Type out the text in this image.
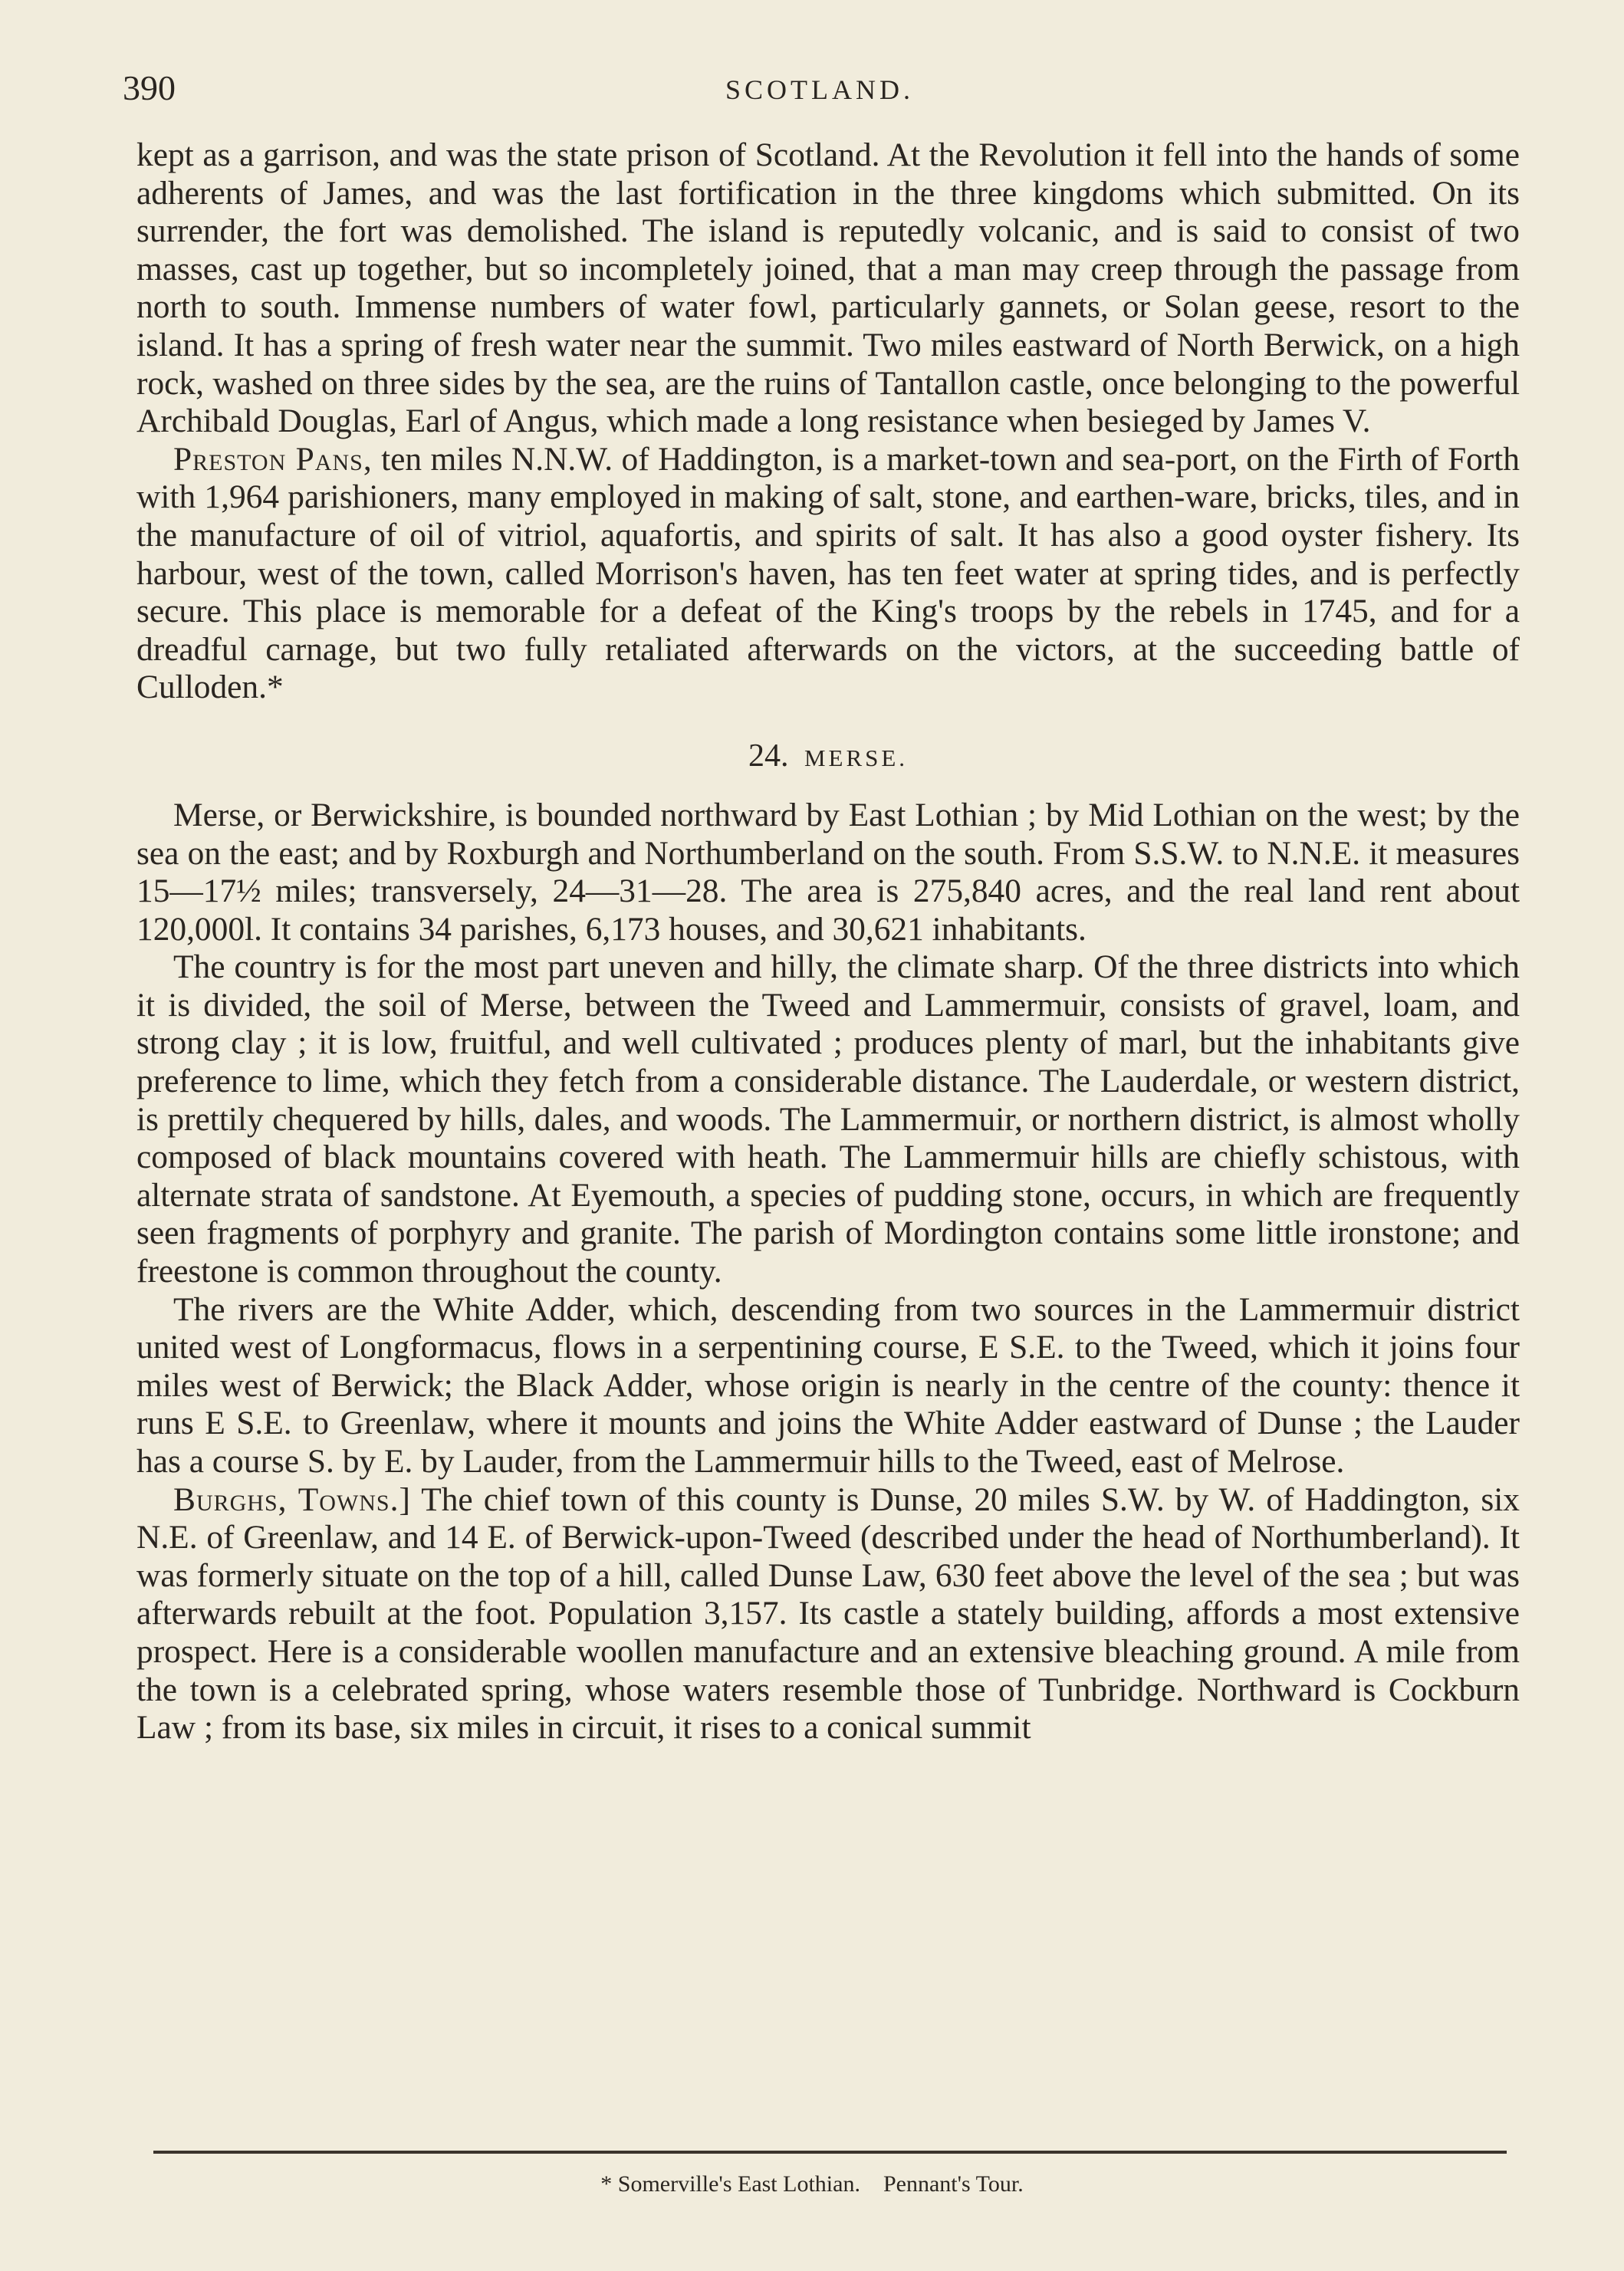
390	SCOTLAND.

kept as a garrison, and was the state prison of Scotland. At the Revolution it fell into the hands of some adherents of James, and was the last fortification in the three kingdoms which submitted. On its surrender, the fort was demolished. The island is reputedly volcanic, and is said to consist of two masses, cast up together, but so incompletely joined, that a man may creep through the passage from north to south. Immense numbers of water fowl, particularly gannets, or Solan geese, resort to the island. It has a spring of fresh water near the summit. Two miles eastward of North Berwick, on a high rock, washed on three sides by the sea, are the ruins of Tantallon castle, once belonging to the powerful Archibald Douglas, Earl of Angus, which made a long resistance when besieged by James V.

Preston Pans, ten miles N.N.W. of Haddington, is a market-town and sea-port, on the Firth of Forth with 1,964 parishioners, many employed in making of salt, stone, and earthen-ware, bricks, tiles, and in the manufacture of oil of vitriol, aquafortis, and spirits of salt. It has also a good oyster fishery. Its harbour, west of the town, called Morrison's haven, has ten feet water at spring tides, and is perfectly secure. This place is memorable for a defeat of the King's troops by the rebels in 1745, and for a dreadful carnage, but two fully retaliated afterwards on the victors, at the succeeding battle of Culloden.*

24. MERSE.

Merse, or Berwickshire, is bounded northward by East Lothian ; by Mid Lothian on the west; by the sea on the east; and by Roxburgh and Northumberland on the south. From S.S.W. to N.N.E. it measures 15—17½ miles; transversely, 24—31—28. The area is 275,840 acres, and the real land rent about 120,000l. It contains 34 parishes, 6,173 houses, and 30,621 inhabitants.

The country is for the most part uneven and hilly, the climate sharp. Of the three districts into which it is divided, the soil of Merse, between the Tweed and Lammermuir, consists of gravel, loam, and strong clay ; it is low, fruitful, and well cultivated ; produces plenty of marl, but the inhabitants give preference to lime, which they fetch from a considerable distance. The Lauderdale, or western district, is prettily chequered by hills, dales, and woods. The Lammermuir, or northern district, is almost wholly composed of black mountains covered with heath. The Lammermuir hills are chiefly schistous, with alternate strata of sandstone. At Eyemouth, a species of pudding stone, occurs, in which are frequently seen fragments of porphyry and granite. The parish of Mordington contains some little ironstone; and freestone is common throughout the county.

The rivers are the White Adder, which, descending from two sources in the Lammermuir district united west of Longformacus, flows in a serpentining course, E S.E. to the Tweed, which it joins four miles west of Berwick; the Black Adder, whose origin is nearly in the centre of the county: thence it runs E S.E. to Greenlaw, where it mounts and joins the White Adder eastward of Dunse ; the Lauder has a course S. by E. by Lauder, from the Lammermuir hills to the Tweed, east of Melrose.

Burghs, Towns.] The chief town of this county is Dunse, 20 miles S.W. by W. of Haddington, six N.E. of Greenlaw, and 14 E. of Berwick-upon-Tweed (described under the head of Northumberland). It was formerly situate on the top of a hill, called Dunse Law, 630 feet above the level of the sea ; but was afterwards rebuilt at the foot. Population 3,157. Its castle a stately building, affords a most extensive prospect. Here is a considerable woollen manufacture and an extensive bleaching ground. A mile from the town is a celebrated spring, whose waters resemble those of Tunbridge. Northward is Cockburn Law ; from its base, six miles in circuit, it rises to a conical summit

* Somerville's East Lothian. Pennant's Tour.
